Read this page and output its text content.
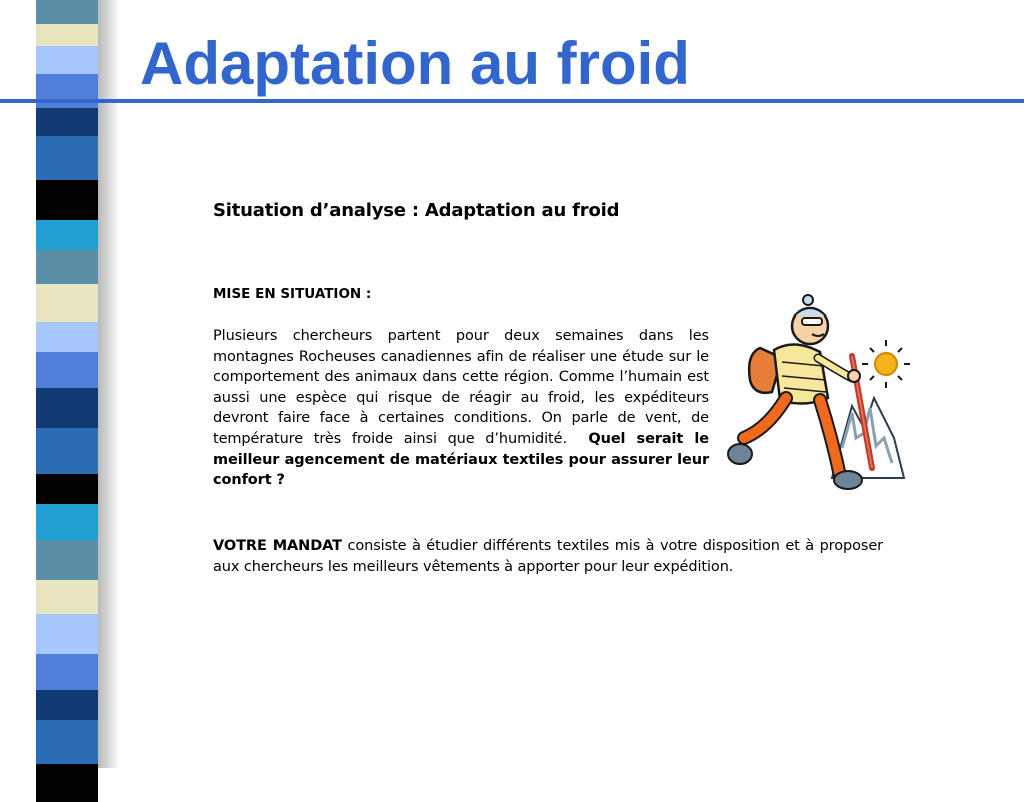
Adaptation au froid

Situation d’analyse : Adaptation au froid

MISE EN SITUATION :

Plusieurs chercheurs partent pour deux semaines dans les montagnes Rocheuses canadiennes afin de réaliser une étude sur le comportement des animaux dans cette région. Comme l’humain est aussi une espèce qui risque de réagir au froid, les expéditeurs devront faire face à certaines conditions. On parle de vent, de température très froide ainsi que d’humidité. Quel serait le meilleur agencement de matériaux textiles pour assurer leur confort ?

VOTRE MANDAT consiste à étudier différents textiles mis à votre disposition et à proposer aux chercheurs les meilleurs vêtements à apporter pour leur expédition.
